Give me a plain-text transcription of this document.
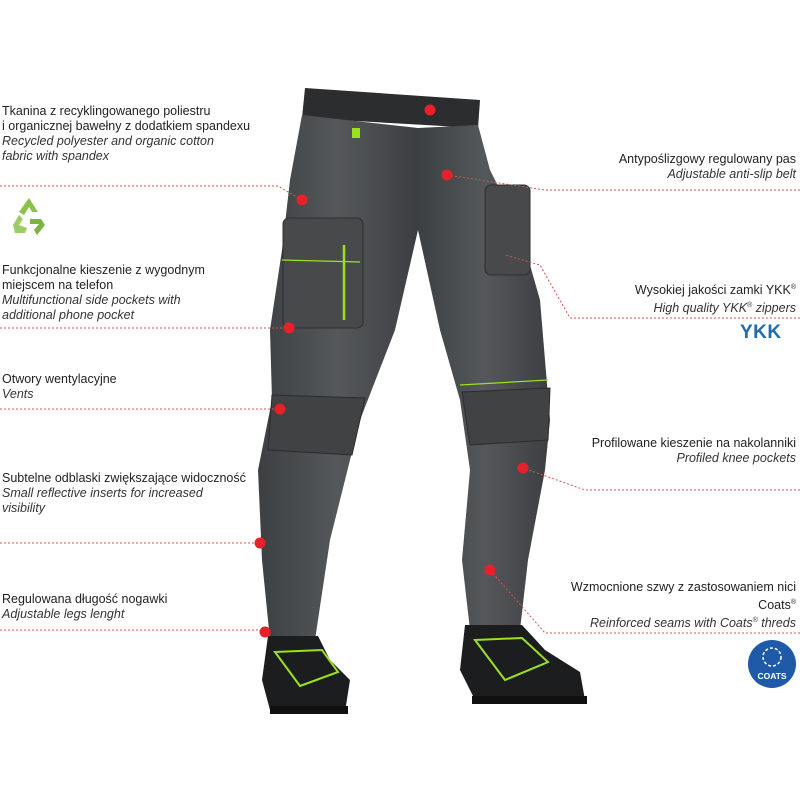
Tkanina z recyklingowanego poliestru
i organicznej bawełny z dodatkiem spandexu
Recycled polyester and organic cotton
fabric with spandex
Funkcjonalne kieszenie z wygodnym
miejscem na telefon
Multifunctional side pockets with
additional phone pocket
Otwory wentylacyjne
Vents
Subtelne odblaski zwiększające widoczność
Small reflective inserts for increased
visibility
Regulowana długość nogawki
Adjustable legs lenght
Antypoślizgowy regulowany pas
Adjustable anti-slip belt
Wysokiej jakości zamki YKK®
High quality YKK® zippers
YKK
Profilowane kieszenie na nakolanniki
Profiled knee pockets
Wzmocnione szwy z zastosowaniem nici
Coats®
Reinforced seams with Coats® threds
COATS
